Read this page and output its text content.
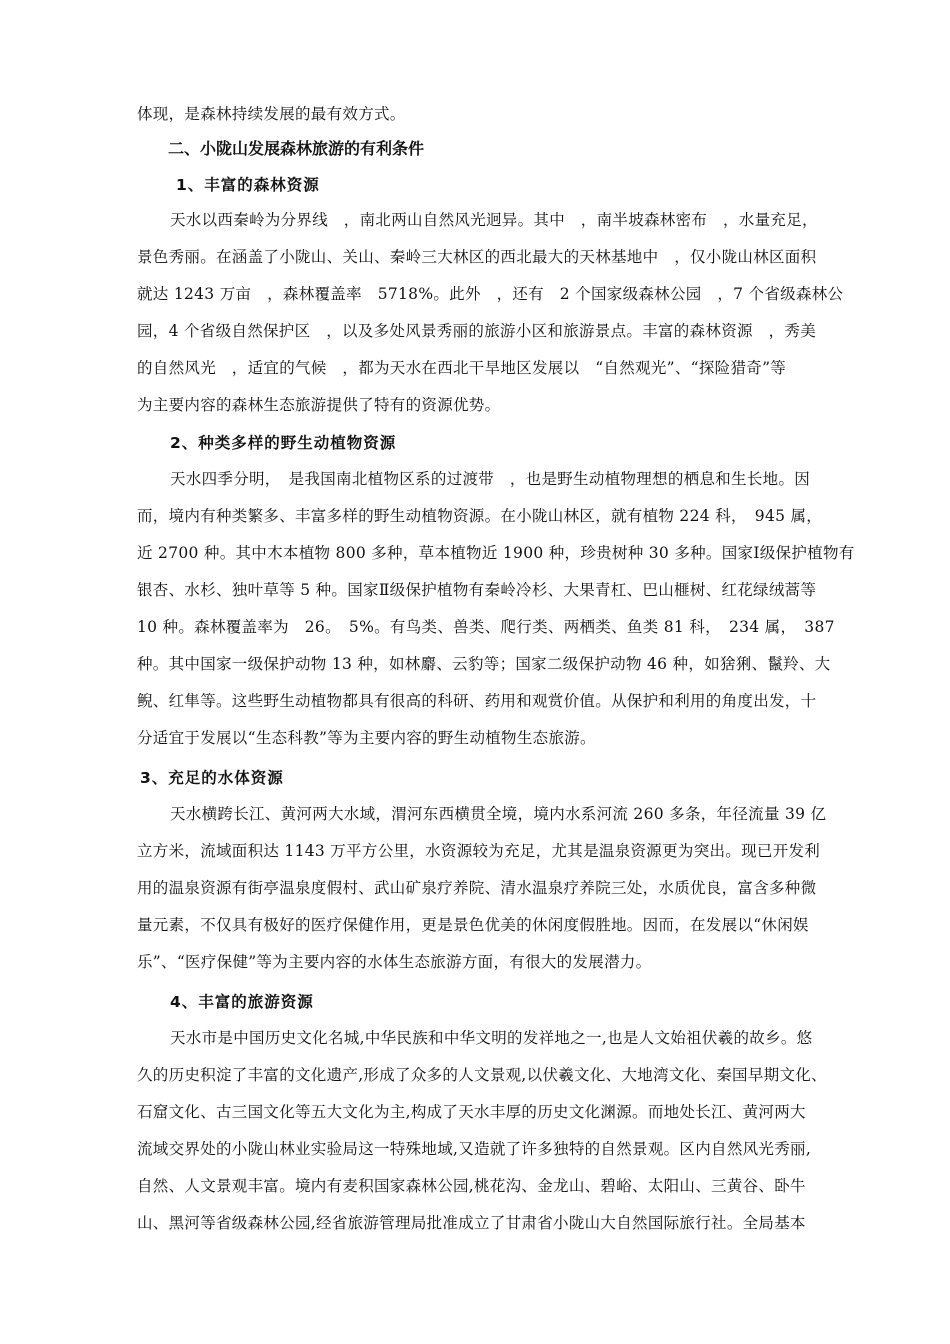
体现，是森林持续发展的最有效方式。
二、小陇山发展森林旅游的有利条件
1、丰富的森林资源
天水以西秦岭为分界线　，南北两山自然风光迥异。其中　，南半坡森林密布　，水量充足，
景色秀丽。在涵盖了小陇山、关山、秦岭三大林区的西北最大的天林基地中　，仅小陇山林区面积
就达 1243 万亩　，森林覆盖率　5718%。此外　，还有　2 个国家级森林公园　，7 个省级森林公
园，4 个省级自然保护区　，以及多处风景秀丽的旅游小区和旅游景点。丰富的森林资源　，秀美
的自然风光　，适宜的气候　，都为天水在西北干旱地区发展以　“自然观光”、“探险猎奇”等
为主要内容的森林生态旅游提供了特有的资源优势。
2、种类多样的野生动植物资源
天水四季分明，　是我国南北植物区系的过渡带　，也是野生动植物理想的栖息和生长地。因
而，境内有种类繁多、丰富多样的野生动植物资源。在小陇山林区，就有植物 224 科，　945 属，
近 2700 种。其中木本植物 800 多种，草本植物近 1900 种，珍贵树种 30 多种。国家Ⅰ级保护植物有
银杏、水杉、独叶草等 5 种。国家Ⅱ级保护植物有秦岭冷杉、大果青杠、巴山榧树、红花绿绒蒿等
10 种。森林覆盖率为　26。　5%。有鸟类、兽类、爬行类、两栖类、鱼类 81 科，　234 属，　387
种。其中国家一级保护动物 13 种，如林麝、云豹等；国家二级保护动物 46 种，如猞猁、鬣羚、大
鲵、红隼等。这些野生动植物都具有很高的科研、药用和观赏价值。从保护和利用的角度出发，十
分适宜于发展以“生态科教”等为主要内容的野生动植物生态旅游。
3、充足的水体资源
天水横跨长江、黄河两大水域，渭河东西横贯全境，境内水系河流 260 多条，年径流量 39 亿
立方米，流域面积达 1143 万平方公里，水资源较为充足，尤其是温泉资源更为突出。现已开发利
用的温泉资源有街亭温泉度假村、武山矿泉疗养院、清水温泉疗养院三处，水质优良，富含多种微
量元素，不仅具有极好的医疗保健作用，更是景色优美的休闲度假胜地。因而，在发展以“休闲娱
乐”、“医疗保健”等为主要内容的水体生态旅游方面，有很大的发展潜力。
4、丰富的旅游资源
天水市是中国历史文化名城,中华民族和中华文明的发祥地之一,也是人文始祖伏羲的故乡。悠
久的历史积淀了丰富的文化遗产,形成了众多的人文景观,以伏羲文化、大地湾文化、秦国早期文化、
石窟文化、古三国文化等五大文化为主,构成了天水丰厚的历史文化渊源。而地处长江、黄河两大
流域交界处的小陇山林业实验局这一特殊地域,又造就了许多独特的自然景观。区内自然风光秀丽,
自然、人文景观丰富。境内有麦积国家森林公园,桃花沟、金龙山、碧峪、太阳山、三黄谷、卧牛
山、黑河等省级森林公园,经省旅游管理局批准成立了甘肃省小陇山大自然国际旅行社。全局基本
